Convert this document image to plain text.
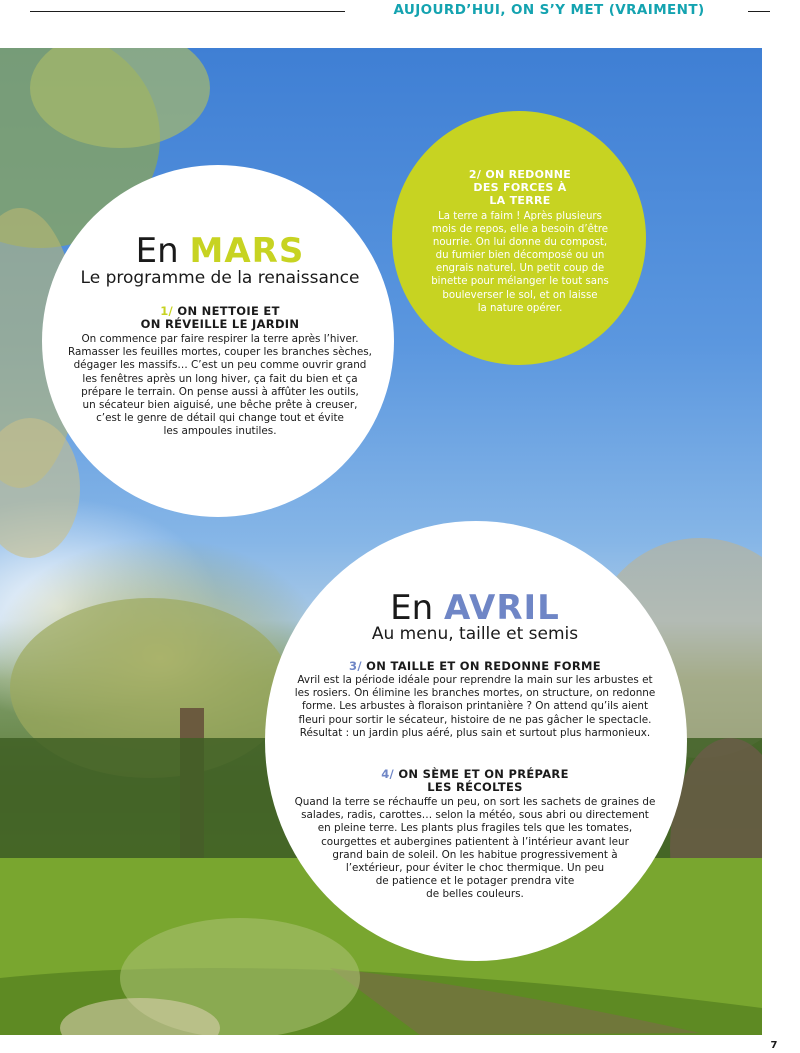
AUJOURD’HUI, ON S’Y MET (VRAIMENT)
En MARS
Le programme de la renaissance
1/ ON NETTOIE ET
ON RÉVEILLE LE JARDIN
On commence par faire respirer la terre après l’hiver.
Ramasser les feuilles mortes, couper les branches sèches,
dégager les massifs… C’est un peu comme ouvrir grand
les fenêtres après un long hiver, ça fait du bien et ça
prépare le terrain. On pense aussi à affûter les outils,
un sécateur bien aiguisé, une bêche prête à creuser,
c’est le genre de détail qui change tout et évite
les ampoules inutiles.
2/ ON REDONNE
DES FORCES À
LA TERRE
La terre a faim ! Après plusieurs
mois de repos, elle a besoin d’être
nourrie. On lui donne du compost,
du fumier bien décomposé ou un
engrais naturel. Un petit coup de
binette pour mélanger le tout sans
bouleverser le sol, et on laisse
la nature opérer.
En AVRIL
Au menu, taille et semis
3/ ON TAILLE ET ON REDONNE FORME
Avril est la période idéale pour reprendre la main sur les arbustes et
les rosiers. On élimine les branches mortes, on structure, on redonne
forme. Les arbustes à floraison printanière ? On attend qu’ils aient
fleuri pour sortir le sécateur, histoire de ne pas gâcher le spectacle.
Résultat : un jardin plus aéré, plus sain et surtout plus harmonieux.
4/ ON SÈME ET ON PRÉPARE
LES RÉCOLTES
Quand la terre se réchauffe un peu, on sort les sachets de graines de
salades, radis, carottes… selon la météo, sous abri ou directement
en pleine terre. Les plants plus fragiles tels que les tomates,
courgettes et aubergines patientent à l’intérieur avant leur
grand bain de soleil. On les habitue progressivement à
l’extérieur, pour éviter le choc thermique. Un peu
de patience et le potager prendra vite
de belles couleurs.
7
